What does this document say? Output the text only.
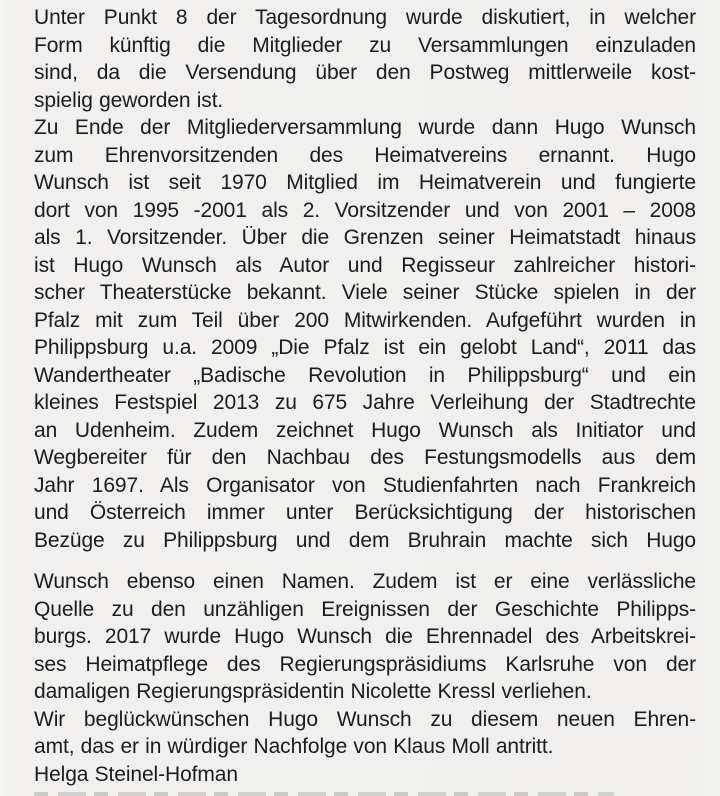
Unter Punkt 8 der Tagesordnung wurde diskutiert, in welcher
Form künftig die Mitglieder zu Versammlungen einzuladen
sind, da die Versendung über den Postweg mittlerweile kost-
spielig geworden ist.
Zu Ende der Mitgliederversammlung wurde dann Hugo Wunsch
zum Ehrenvorsitzenden des Heimatvereins ernannt. Hugo
Wunsch ist seit 1970 Mitglied im Heimatverein und fungierte
dort von 1995 -2001 als 2. Vorsitzender und von 2001 – 2008
als 1. Vorsitzender. Über die Grenzen seiner Heimatstadt hinaus
ist Hugo Wunsch als Autor und Regisseur zahlreicher histori-
scher Theaterstücke bekannt. Viele seiner Stücke spielen in der
Pfalz mit zum Teil über 200 Mitwirkenden. Aufgeführt wurden in
Philippsburg u.a. 2009 „Die Pfalz ist ein gelobt Land“, 2011 das
Wandertheater „Badische Revolution in Philippsburg“ und ein
kleines Festspiel 2013 zu 675 Jahre Verleihung der Stadtrechte
an Udenheim. Zudem zeichnet Hugo Wunsch als Initiator und
Wegbereiter für den Nachbau des Festungsmodells aus dem
Jahr 1697. Als Organisator von Studienfahrten nach Frankreich
und Österreich immer unter Berücksichtigung der historischen
Bezüge zu Philippsburg und dem Bruhrain machte sich Hugo
Wunsch ebenso einen Namen. Zudem ist er eine verlässliche
Quelle zu den unzähligen Ereignissen der Geschichte Philipps-
burgs. 2017 wurde Hugo Wunsch die Ehrennadel des Arbeitskrei-
ses Heimatpflege des Regierungspräsidiums Karlsruhe von der
damaligen Regierungspräsidentin Nicolette Kressl verliehen.
Wir beglückwünschen Hugo Wunsch zu diesem neuen Ehren-
amt, das er in würdiger Nachfolge von Klaus Moll antritt.
Helga Steinel-Hofman
